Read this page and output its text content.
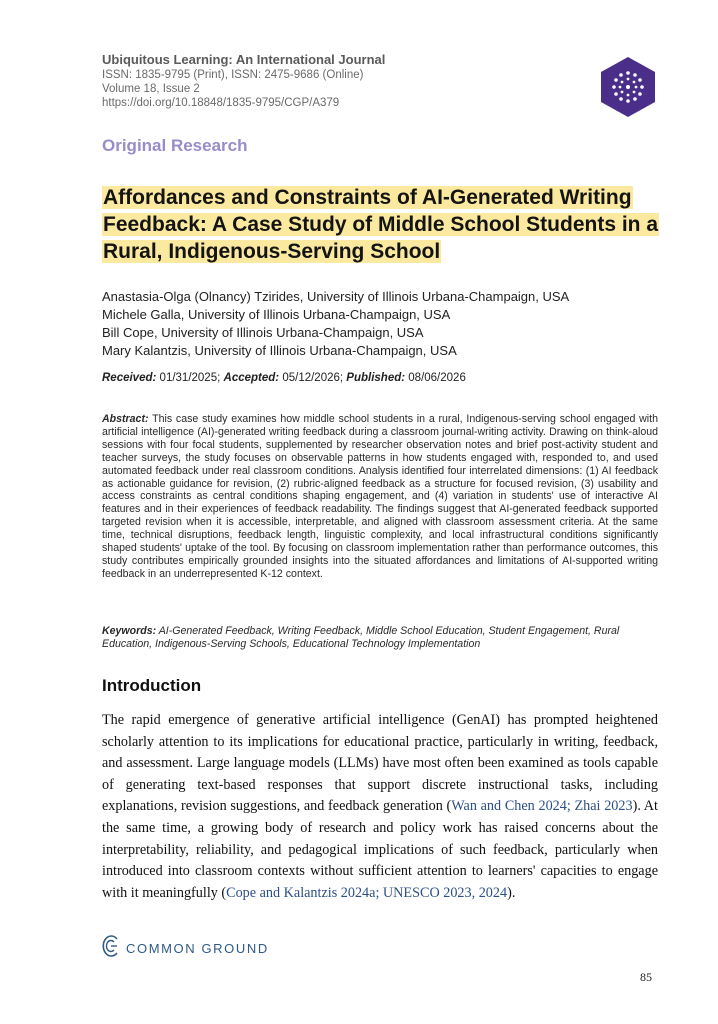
Ubiquitous Learning: An International Journal
ISSN: 1835-9795 (Print), ISSN: 2475-9686 (Online)
Volume 18, Issue 2
https://doi.org/10.18848/1835-9795/CGP/A379
Original Research
Affordances and Constraints of AI-Generated Writing Feedback: A Case Study of Middle School Students in a Rural, Indigenous-Serving School
Anastasia-Olga (Olnancy) Tzirides, University of Illinois Urbana-Champaign, USA
Michele Galla, University of Illinois Urbana-Champaign, USA
Bill Cope, University of Illinois Urbana-Champaign, USA
Mary Kalantzis, University of Illinois Urbana-Champaign, USA
Received: 01/31/2025; Accepted: 05/12/2026; Published: 08/06/2026

Abstract: This case study examines how middle school students in a rural, Indigenous-serving school engaged with artificial intelligence (AI)-generated writing feedback during a classroom journal-writing activity. Drawing on think-aloud sessions with four focal students, supplemented by researcher observation notes and brief post-activity student and teacher surveys, the study focuses on observable patterns in how students engaged with, responded to, and used automated feedback under real classroom conditions. Analysis identified four interrelated dimensions: (1) AI feedback as actionable guidance for revision, (2) rubric-aligned feedback as a structure for focused revision, (3) usability and access constraints as central conditions shaping engagement, and (4) variation in students' use of interactive AI features and in their experiences of feedback readability. The findings suggest that AI-generated feedback supported targeted revision when it is accessible, interpretable, and aligned with classroom assessment criteria. At the same time, technical disruptions, feedback length, linguistic complexity, and local infrastructural conditions significantly shaped students' uptake of the tool. By focusing on classroom implementation rather than performance outcomes, this study contributes empirically grounded insights into the situated affordances and limitations of AI-supported writing feedback in an underrepresented K-12 context.

Keywords: AI-Generated Feedback, Writing Feedback, Middle School Education, Student Engagement, Rural Education, Indigenous-Serving Schools, Educational Technology Implementation

Introduction

The rapid emergence of generative artificial intelligence (GenAI) has prompted heightened scholarly attention to its implications for educational practice, particularly in writing, feedback, and assessment. Large language models (LLMs) have most often been examined as tools capable of generating text-based responses that support discrete instructional tasks, including explanations, revision suggestions, and feedback generation (Wan and Chen 2024; Zhai 2023). At the same time, a growing body of research and policy work has raised concerns about the interpretability, reliability, and pedagogical implications of such feedback, particularly when introduced into classroom contexts without sufficient attention to learners' capacities to engage with it meaningfully (Cope and Kalantzis 2024a; UNESCO 2023, 2024).

COMMON GROUND
85
